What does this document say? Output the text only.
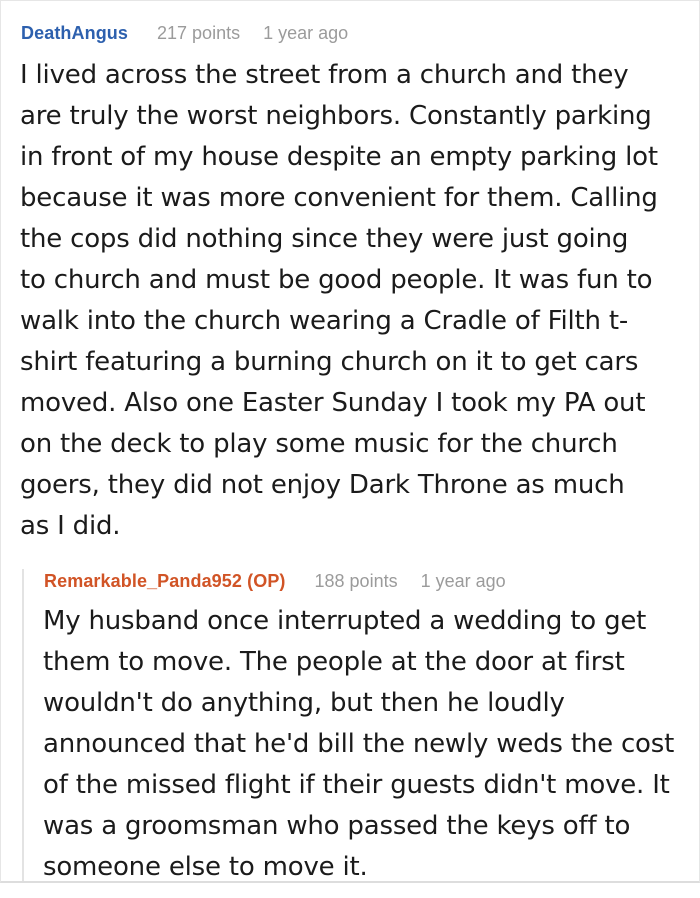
DeathAngus 217 points 1 year ago

I lived across the street from a church and they are truly the worst neighbors. Constantly parking in front of my house despite an empty parking lot because it was more convenient for them. Calling the cops did nothing since they were just going to church and must be good people. It was fun to walk into the church wearing a Cradle of Filth t-shirt featuring a burning church on it to get cars moved. Also one Easter Sunday I took my PA out on the deck to play some music for the church goers, they did not enjoy Dark Throne as much as I did.

Remarkable_Panda952 (OP) 188 points 1 year ago

My husband once interrupted a wedding to get them to move. The people at the door at first wouldn't do anything, but then he loudly announced that he'd bill the newly weds the cost of the missed flight if their guests didn't move. It was a groomsman who passed the keys off to someone else to move it.
